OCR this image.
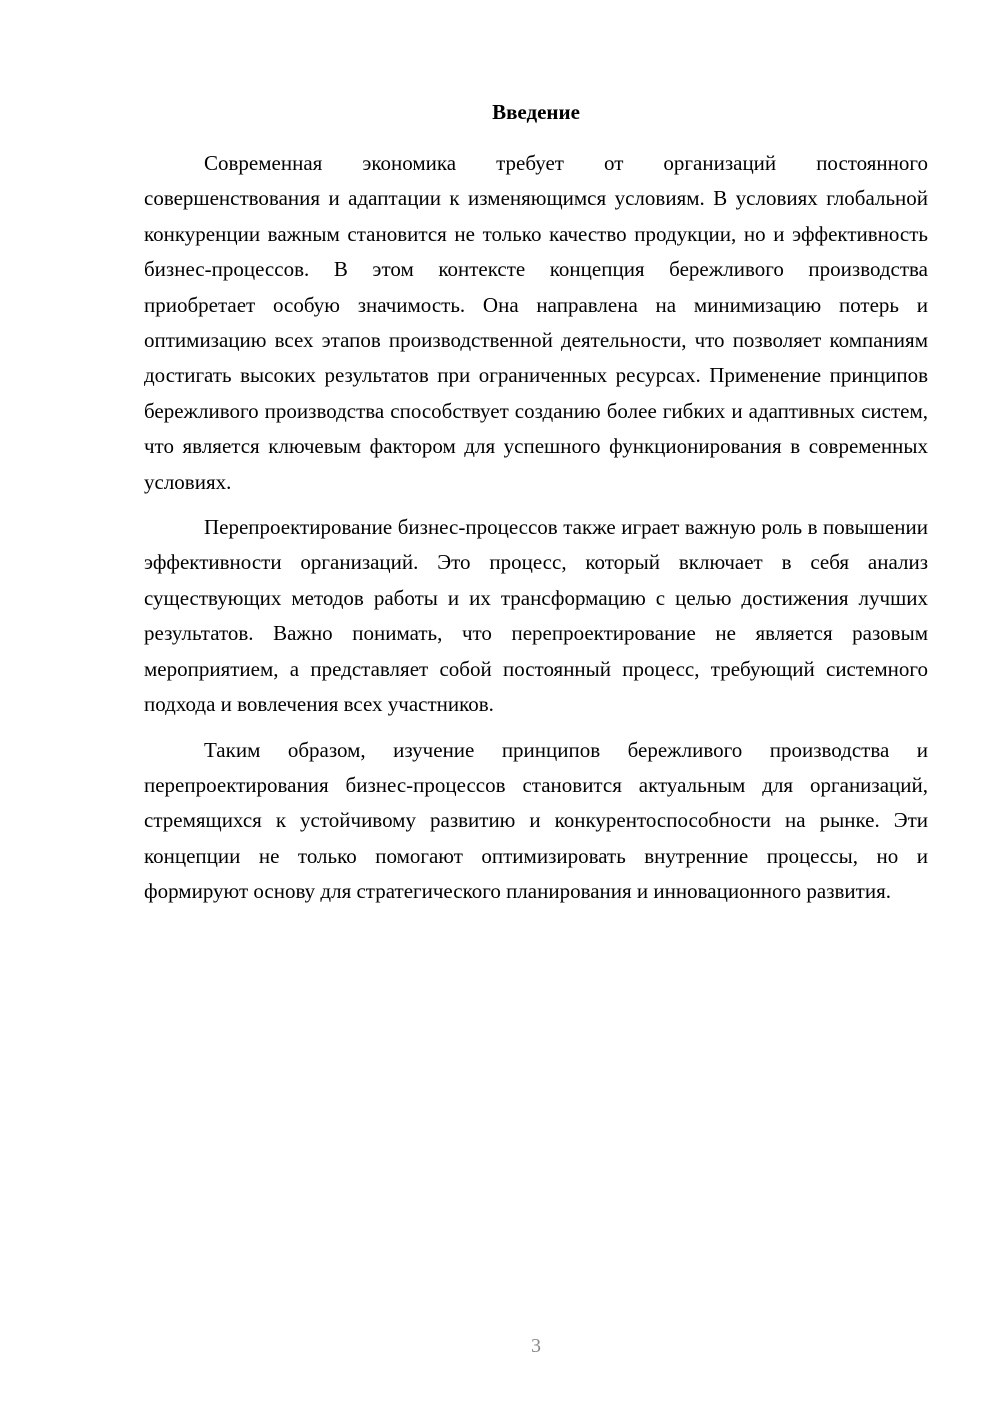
Введение

Современная экономика требует от организаций постоянного совершенствования и адаптации к изменяющимся условиям. В условиях глобальной конкуренции важным становится не только качество продукции, но и эффективность бизнес-процессов. В этом контексте концепция бережливого производства приобретает особую значимость. Она направлена на минимизацию потерь и оптимизацию всех этапов производственной деятельности, что позволяет компаниям достигать высоких результатов при ограниченных ресурсах. Применение принципов бережливого производства способствует созданию более гибких и адаптивных систем, что является ключевым фактором для успешного функционирования в современных условиях.

Перепроектирование бизнес-процессов также играет важную роль в повышении эффективности организаций. Это процесс, который включает в себя анализ существующих методов работы и их трансформацию с целью достижения лучших результатов. Важно понимать, что перепроектирование не является разовым мероприятием, а представляет собой постоянный процесс, требующий системного подхода и вовлечения всех участников.

Таким образом, изучение принципов бережливого производства и перепроектирования бизнес-процессов становится актуальным для организаций, стремящихся к устойчивому развитию и конкурентоспособности на рынке. Эти концепции не только помогают оптимизировать внутренние процессы, но и формируют основу для стратегического планирования и инновационного развития.

3
